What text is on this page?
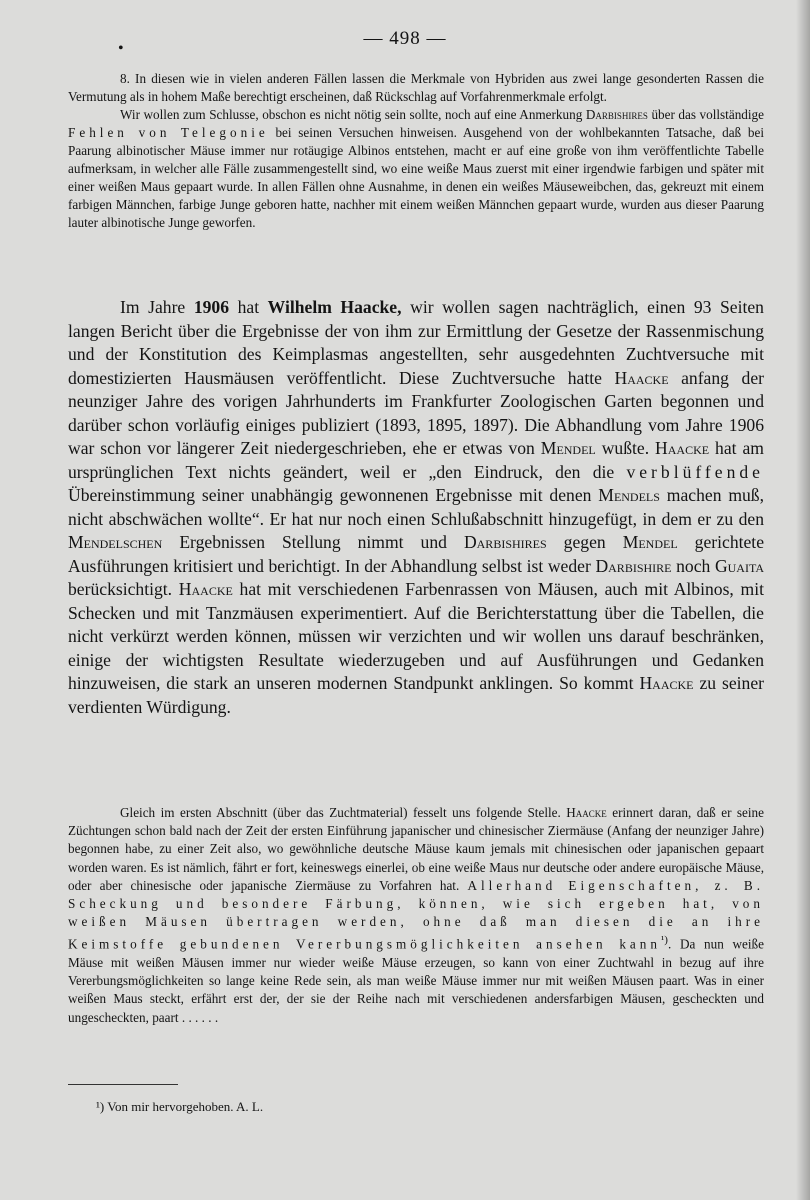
•	— 498 —

8. In diesen wie in vielen anderen Fällen lassen die Merkmale von Hybriden aus zwei lange gesonderten Rassen die Vermutung als in hohem Maße berechtigt erscheinen, daß Rückschlag auf Vorfahrenmerkmale erfolgt.

Wir wollen zum Schlusse, obschon es nicht nötig sein sollte, noch auf eine Anmerkung Darbishires über das vollständige Fehlen von Telegonie bei seinen Versuchen hinweisen. Ausgehend von der wohlbekannten Tatsache, daß bei Paarung albinotischer Mäuse immer nur rotäugige Albinos entstehen, macht er auf eine große von ihm veröffentlichte Tabelle aufmerksam, in welcher alle Fälle zusammengestellt sind, wo eine weiße Maus zuerst mit einer irgendwie farbigen und später mit einer weißen Maus gepaart wurde. In allen Fällen ohne Ausnahme, in denen ein weißes Mäuseweibchen, das, gekreuzt mit einem farbigen Männchen, farbige Junge geboren hatte, nachher mit einem weißen Männchen gepaart wurde, wurden aus dieser Paarung lauter albinotische Junge geworfen.

Im Jahre 1906 hat Wilhelm Haacke, wir wollen sagen nachträglich, einen 93 Seiten langen Bericht über die Ergebnisse der von ihm zur Ermittlung der Gesetze der Rassenmischung und der Konstitution des Keimplasmas angestellten, sehr ausgedehnten Zuchtversuche mit domestizierten Hausmäusen veröffentlicht. Diese Zuchtversuche hatte Haacke anfang der neunziger Jahre des vorigen Jahrhunderts im Frankfurter Zoologischen Garten begonnen und darüber schon vorläufig einiges publiziert (1893, 1895, 1897). Die Abhandlung vom Jahre 1906 war schon vor längerer Zeit niedergeschrieben, ehe er etwas von Mendel wußte. Haacke hat am ursprünglichen Text nichts geändert, weil er „den Eindruck, den die verblüffende Übereinstimmung seiner unabhängig gewonnenen Ergebnisse mit denen Mendels machen muß, nicht abschwächen wollte“. Er hat nur noch einen Schlußabschnitt hinzugefügt, in dem er zu den Mendelschen Ergebnissen Stellung nimmt und Darbishires gegen Mendel gerichtete Ausführungen kritisiert und berichtigt. In der Abhandlung selbst ist weder Darbishire noch Guaita berücksichtigt. Haacke hat mit verschiedenen Farbenrassen von Mäusen, auch mit Albinos, mit Schecken und mit Tanzmäusen experimentiert. Auf die Berichterstattung über die Tabellen, die nicht verkürzt werden können, müssen wir verzichten und wir wollen uns darauf beschränken, einige der wichtigsten Resultate wiederzugeben und auf Ausführungen und Gedanken hinzuweisen, die stark an unseren modernen Standpunkt anklingen. So kommt Haacke zu seiner verdienten Würdigung.

Gleich im ersten Abschnitt (über das Zuchtmaterial) fesselt uns folgende Stelle. Haacke erinnert daran, daß er seine Züchtungen schon bald nach der Zeit der ersten Einführung japanischer und chinesischer Ziermäuse (Anfang der neunziger Jahre) begonnen habe, zu einer Zeit also, wo gewöhnliche deutsche Mäuse kaum jemals mit chinesischen oder japanischen gepaart worden waren. Es ist nämlich, fährt er fort, keineswegs einerlei, ob eine weiße Maus nur deutsche oder andere europäische Mäuse, oder aber chinesische oder japanische Ziermäuse zu Vorfahren hat. Allerhand Eigenschaften, z. B. Scheckung und besondere Färbung, können, wie sich ergeben hat, von weißen Mäusen übertragen werden, ohne daß man diesen die an ihre Keimstoffe gebundenen Vererbungsmöglichkeiten ansehen kann$^{^1)}$. Da nun weiße Mäuse mit weißen Mäusen immer nur wieder weiße Mäuse erzeugen, so kann von einer Zuchtwahl in bezug auf ihre Vererbungsmöglichkeiten so lange keine Rede sein, als man weiße Mäuse immer nur mit weißen Mäusen paart. Was in einer weißen Maus steckt, erfährt erst der, der sie der Reihe nach mit verschiedenen andersfarbigen Mäusen, gescheckten und ungescheckten, paart . . . . . .

¹) Von mir hervorgehoben. A. L.
